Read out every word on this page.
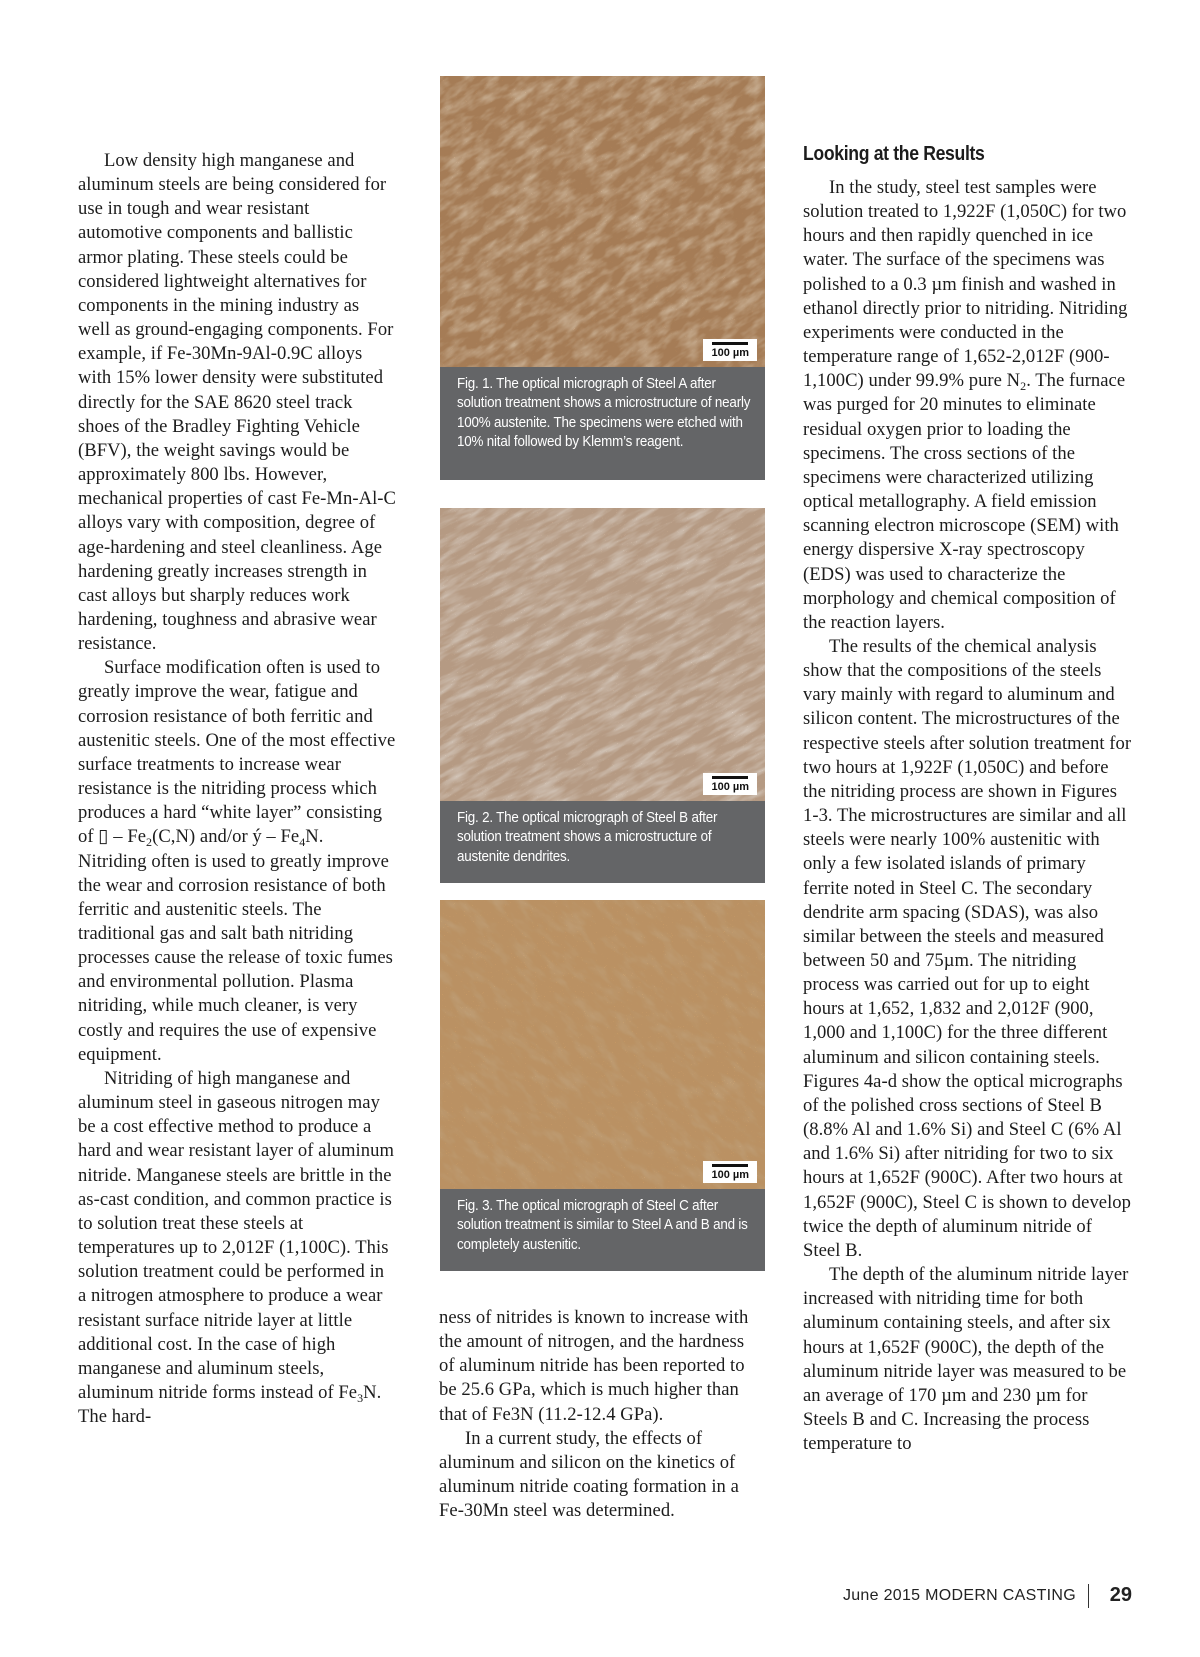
Low density high manganese and aluminum steels are being considered for use in tough and wear resistant automotive components and ballistic armor plating. These steels could be considered lightweight alternatives for components in the mining industry as well as ground-engaging components. For example, if Fe-30Mn-9Al-0.9C alloys with 15% lower density were substituted directly for the SAE 8620 steel track shoes of the Bradley Fighting Vehicle (BFV), the weight savings would be approximately 800 lbs. However, mechanical properties of cast Fe-Mn-Al-C alloys vary with composition, degree of age-hardening and steel cleanliness. Age hardening greatly increases strength in cast alloys but sharply reduces work hardening, toughness and abrasive wear resistance.

Surface modification often is used to greatly improve the wear, fatigue and corrosion resistance of both ferritic and austenitic steels. One of the most effective surface treatments to increase wear resistance is the nitriding process which produces a hard “white layer” consisting of ▯ – $Fe_2(C,N)$ and/or ý – $Fe_4N$. Nitriding often is used to greatly improve the wear and corrosion resistance of both ferritic and austenitic steels. The traditional gas and salt bath nitriding processes cause the release of toxic fumes and environmental pollution. Plasma nitriding, while much cleaner, is very costly and requires the use of expensive equipment.

Nitriding of high manganese and aluminum steel in gaseous nitrogen may be a cost effective method to produce a hard and wear resistant layer of aluminum nitride. Manganese steels are brittle in the as-cast condition, and common practice is to solution treat these steels at temperatures up to 2,012F (1,100C). This solution treatment could be performed in a nitrogen atmosphere to produce a wear resistant surface nitride layer at little additional cost. In the case of high manganese and aluminum steels, aluminum nitride forms instead of $Fe_3N$. The hard-

100 µm
Fig. 1. The optical micrograph of Steel A after solution treatment shows a microstructure of nearly 100% austenite. The specimens were etched with 10% nital followed by Klemm’s reagent.
100 µm
Fig. 2. The optical micrograph of Steel B after solution treatment shows a microstructure of austenite dendrites.
100 µm
Fig. 3. The optical micrograph of Steel C after solution treatment is similar to Steel A and B and is completely austenitic.

ness of nitrides is known to increase with the amount of nitrogen, and the hardness of aluminum nitride has been reported to be 25.6 GPa, which is much higher than that of Fe3N (11.2-12.4 GPa).

In a current study, the effects of aluminum and silicon on the kinetics of aluminum nitride coating formation in a Fe-30Mn steel was determined.

Looking at the Results

In the study, steel test samples were solution treated to 1,922F (1,050C) for two hours and then rapidly quenched in ice water. The surface of the specimens was polished to a 0.3 µm finish and washed in ethanol directly prior to nitriding. Nitriding experiments were conducted in the temperature range of 1,652-2,012F (900-1,100C) under 99.9% pure $N_2$. The furnace was purged for 20 minutes to eliminate residual oxygen prior to loading the specimens. The cross sections of the specimens were characterized utilizing optical metallography. A field emission scanning electron microscope (SEM) with energy dispersive X-ray spectroscopy (EDS) was used to characterize the morphology and chemical composition of the reaction layers.

The results of the chemical analysis show that the compositions of the steels vary mainly with regard to aluminum and silicon content. The microstructures of the respective steels after solution treatment for two hours at 1,922F (1,050C) and before the nitriding process are shown in Figures 1-3. The microstructures are similar and all steels were nearly 100% austenitic with only a few isolated islands of primary ferrite noted in Steel C. The secondary dendrite arm spacing (SDAS), was also similar between the steels and measured between 50 and 75µm. The nitriding process was carried out for up to eight hours at 1,652, 1,832 and 2,012F (900, 1,000 and 1,100C) for the three different aluminum and silicon containing steels. Figures 4a-d show the optical micrographs of the polished cross sections of Steel B (8.8% Al and 1.6% Si) and Steel C (6% Al and 1.6% Si) after nitriding for two to six hours at 1,652F (900C). After two hours at 1,652F (900C), Steel C is shown to develop twice the depth of aluminum nitride of Steel B.

The depth of the aluminum nitride layer increased with nitriding time for both aluminum containing steels, and after six hours at 1,652F (900C), the depth of the aluminum nitride layer was measured to be an average of 170 µm and 230 µm for Steels B and C. Increasing the process temperature to

June 2015 MODERN CASTING 29
